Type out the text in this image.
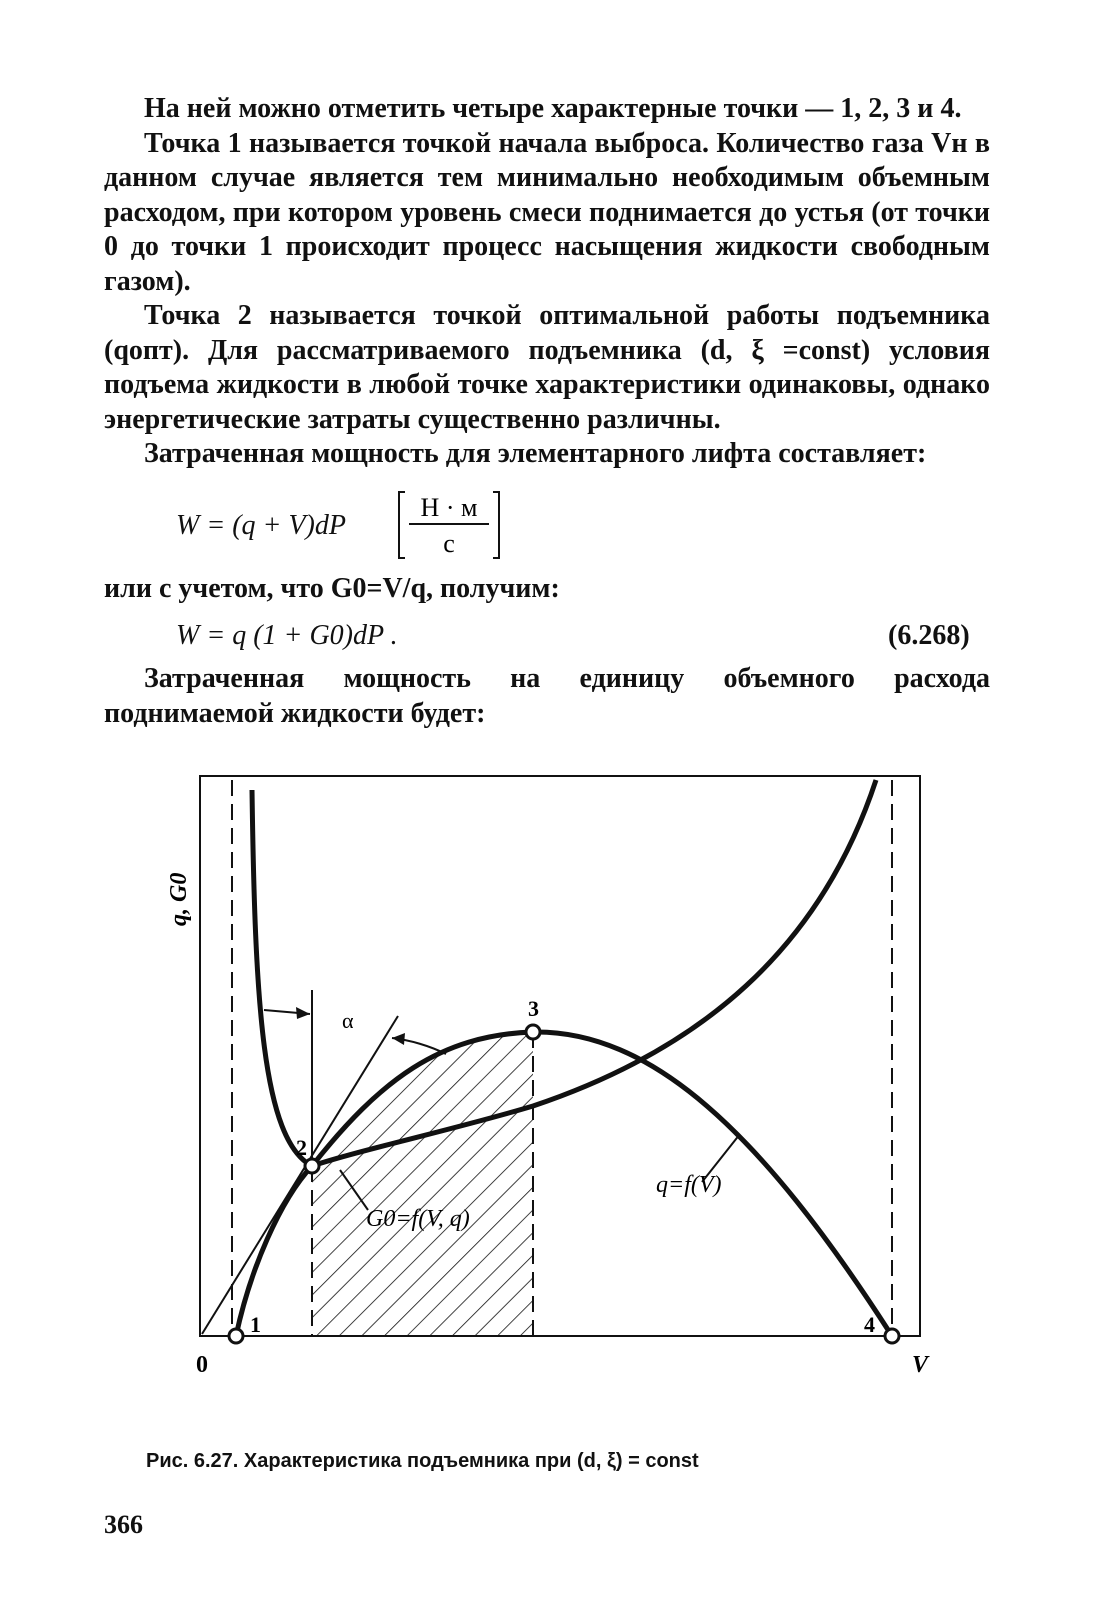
На ней можно отметить четыре характерные точки — 1, 2, 3 и 4.

Точка 1 называется точкой начала выброса. Количество газа Vн в данном случае является тем минимально необходимым объемным расходом, при котором уровень смеси поднимается до устья (от точки 0 до точки 1 происходит процесс насыщения жидкости свободным газом).

Точка 2 называется точкой оптимальной работы подъемника (qопт). Для рассматриваемого подъемника (d, ξ =const) условия подъема жидкости в любой точке характеристики одинаковы, однако энергетические затраты существенно различны.

Затраченная мощность для элементарного лифта составляет:

W = (q + V)dP
Н · м
с

или с учетом, что G0=V/q, получим:

W = q (1 + G0)dP .	(6.268)

Затраченная мощность на единицу объемного расхода поднимаемой жидкости будет:

1
2
3
4
α
q=f(V)
G0=f(V, q)
q, G0
0	V
Рис. 6.27. Характеристика подъемника при (d, ξ) = const
366
